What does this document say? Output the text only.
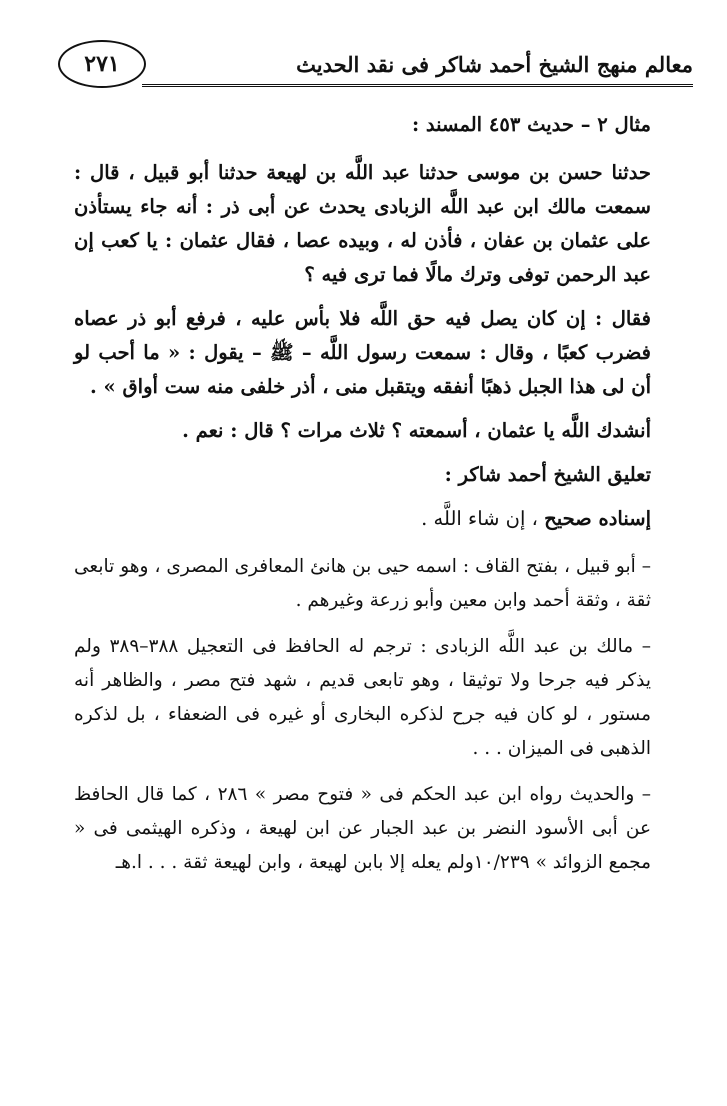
معالم منهج الشيخ أحمد شاكر فى نقد الحديث
٢٧١

مثال ٢ – حديث ٤٥٣ المسند :

حدثنا حسن بن موسى حدثنا عبد اللَّه بن لهيعة حدثنا أبو قبيل ، قال : سمعت مالك ابن عبد اللَّه الزبادى يحدث عن أبى ذر : أنه جاء يستأذن على عثمان بن عفان ، فأذن له ، وبيده عصا ، فقال عثمان : يا كعب إن عبد الرحمن توفى وترك مالًا فما ترى فيه ؟

فقال : إن كان يصل فيه حق اللَّه فلا بأس عليه ، فرفع أبو ذر عصاه فضرب كعبًا ، وقال : سمعت رسول اللَّه – ﷺ – يقول : « ما أحب لو أن لى هذا الجبل ذهبًا أنفقه ويتقبل منى ، أذر خلفى منه ست أواق » .

أنشدك اللَّه يا عثمان ، أسمعته ؟ ثلاث مرات ؟ قال : نعم .

تعليق الشيخ أحمد شاكر :

إسناده صحيح ، إن شاء اللَّه .

– أبو قبيل ، بفتح القاف : اسمه حيى بن هانئ المعافرى المصرى ، وهو تابعى ثقة ، وثقة أحمد وابن معين وأبو زرعة وغيرهم .

– مالك بن عبد اللَّه الزبادى : ترجم له الحافظ فى التعجيل ٣٨٨–٣٨٩ ولم يذكر فيه جرحا ولا توثيقا ، وهو تابعى قديم ، شهد فتح مصر ، والظاهر أنه مستور ، لو كان فيه جرح لذكره البخارى أو غيره فى الضعفاء ، بل لذكره الذهبى فى الميزان . . .

– والحديث رواه ابن عبد الحكم فى « فتوح مصر » ٢٨٦ ، كما قال الحافظ عن أبى الأسود النضر بن عبد الجبار عن ابن لهيعة ، وذكره الهيثمى فى « مجمع الزوائد » ١٠/٢٣٩ولم يعله إلا بابن لهيعة ، وابن لهيعة ثقة . . . ا.هـ
